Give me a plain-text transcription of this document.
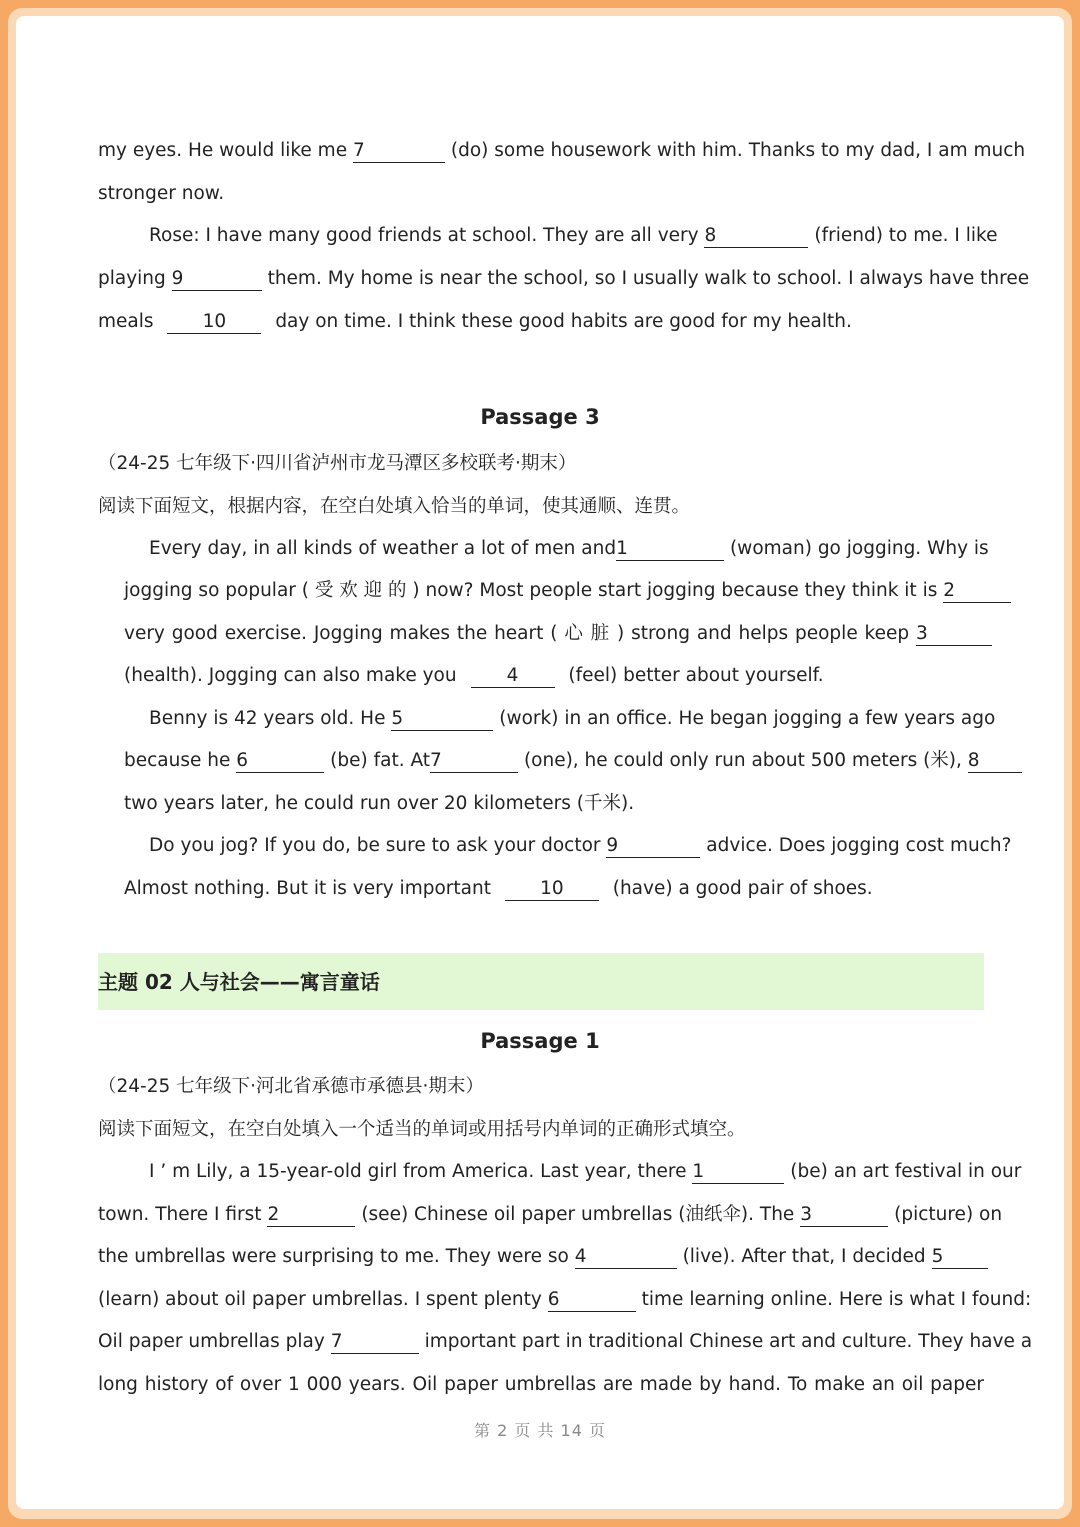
my eyes. He would like me 7	(do) some housework with him. Thanks to my dad, I am much
stronger now.
Rose: I have many good friends at school. They are all very 8	(friend) to me. I like
playing 9	them. My home is near the school, so I usually walk to school. I always have three
meals	10	day on time. I think these good habits are good for my health.
Passage 3
（24-25 七年级下·四川省泸州市龙马潭区多校联考·期末）
阅读下面短文，根据内容，在空白处填入恰当的单词，使其通顺、连贯。
Every day, in all kinds of weather a lot of men and1	(woman) go jogging. Why is
jogging so popular ( 受 欢 迎 的 ) now? Most people start jogging because they think it is 2
very good exercise. Jogging makes the heart ( 心 脏 ) strong and helps people keep 3
(health). Jogging can also make you	4	(feel) better about yourself.
Benny is 42 years old. He 5	(work) in an office. He began jogging a few years ago
because he 6	(be) fat. At7	(one), he could only run about 500 meters (米), 8
two years later, he could run over 20 kilometers (千米).
Do you jog? If you do, be sure to ask your doctor 9	advice. Does jogging cost much?
Almost nothing. But it is very important	10	(have) a good pair of shoes.
主题 02 人与社会——寓言童话
Passage 1
（24-25 七年级下·河北省承德市承德县·期末）
阅读下面短文，在空白处填入一个适当的单词或用括号内单词的正确形式填空。
I ’ m Lily, a 15-year-old girl from America. Last year, there 1	(be) an art festival in our
town. There I first 2	(see) Chinese oil paper umbrellas (油纸伞). The 3	(picture) on
the umbrellas were surprising to me. They were so 4	(live). After that, I decided 5
(learn) about oil paper umbrellas. I spent plenty 6	time learning online. Here is what I found:
Oil paper umbrellas play 7	important part in traditional Chinese art and culture. They have a
long history of over 1 000 years. Oil paper umbrellas are made by hand. To make an oil paper
第 2 页 共 14 页
